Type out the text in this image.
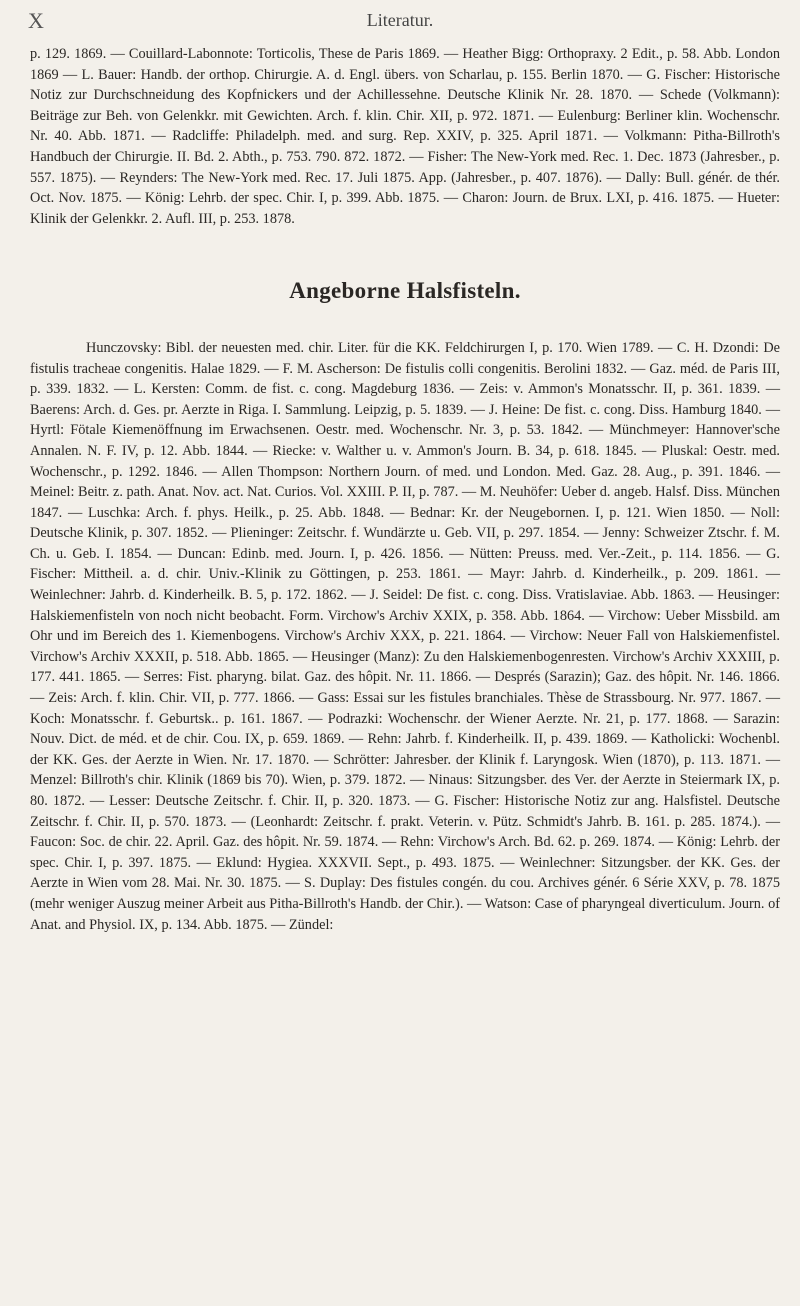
X	Literatur.

p. 129. 1869. — Couillard-Labonnote: Torticolis, These de Paris 1869. — Heather Bigg: Orthopraxy. 2 Edit., p. 58. Abb. London 1869 — L. Bauer: Handb. der orthop. Chirurgie. A. d. Engl. übers. von Scharlau, p. 155. Berlin 1870. — G. Fischer: Historische Notiz zur Durchschneidung des Kopfnickers und der Achillessehne. Deutsche Klinik Nr. 28. 1870. — Schede (Volkmann): Beiträge zur Beh. von Gelenkkr. mit Gewichten. Arch. f. klin. Chir. XII, p. 972. 1871. — Eulenburg: Berliner klin. Wochenschr. Nr. 40. Abb. 1871. — Radcliffe: Philadelph. med. and surg. Rep. XXIV, p. 325. April 1871. — Volkmann: Pitha-Billroth's Handbuch der Chirurgie. II. Bd. 2. Abth., p. 753. 790. 872. 1872. — Fisher: The New-York med. Rec. 1. Dec. 1873 (Jahresber., p. 557. 1875). — Reynders: The New-York med. Rec. 17. Juli 1875. App. (Jahresber., p. 407. 1876). — Dally: Bull. génér. de thér. Oct. Nov. 1875. — König: Lehrb. der spec. Chir. I, p. 399. Abb. 1875. — Charon: Journ. de Brux. LXI, p. 416. 1875. — Hueter: Klinik der Gelenkkr. 2. Aufl. III, p. 253. 1878.

Angeborne Halsfisteln.

Hunczovsky: Bibl. der neuesten med. chir. Liter. für die KK. Feldchirurgen I, p. 170. Wien 1789. — C. H. Dzondi: De fistulis tracheae congenitis. Halae 1829. — F. M. Ascherson: De fistulis colli congenitis. Berolini 1832. — Gaz. méd. de Paris III, p. 339. 1832. — L. Kersten: Comm. de fist. c. cong. Magdeburg 1836. — Zeis: v. Ammon's Monatsschr. II, p. 361. 1839. — Baerens: Arch. d. Ges. pr. Aerzte in Riga. I. Sammlung. Leipzig, p. 5. 1839. — J. Heine: De fist. c. cong. Diss. Hamburg 1840. — Hyrtl: Fötale Kiemenöffnung im Erwachsenen. Oestr. med. Wochenschr. Nr. 3, p. 53. 1842. — Münchmeyer: Hannover'sche Annalen. N. F. IV, p. 12. Abb. 1844. — Riecke: v. Walther u. v. Ammon's Journ. B. 34, p. 618. 1845. — Pluskal: Oestr. med. Wochenschr., p. 1292. 1846. — Allen Thompson: Northern Journ. of med. und London. Med. Gaz. 28. Aug., p. 391. 1846. — Meinel: Beitr. z. path. Anat. Nov. act. Nat. Curios. Vol. XXIII. P. II, p. 787. — M. Neuhöfer: Ueber d. angeb. Halsf. Diss. München 1847. — Luschka: Arch. f. phys. Heilk., p. 25. Abb. 1848. — Bednar: Kr. der Neugebornen. I, p. 121. Wien 1850. — Noll: Deutsche Klinik, p. 307. 1852. — Plieninger: Zeitschr. f. Wundärzte u. Geb. VII, p. 297. 1854. — Jenny: Schweizer Ztschr. f. M. Ch. u. Geb. I. 1854. — Duncan: Edinb. med. Journ. I, p. 426. 1856. — Nütten: Preuss. med. Ver.-Zeit., p. 114. 1856. — G. Fischer: Mittheil. a. d. chir. Univ.-Klinik zu Göttingen, p. 253. 1861. — Mayr: Jahrb. d. Kinderheilk., p. 209. 1861. — Weinlechner: Jahrb. d. Kinderheilk. B. 5, p. 172. 1862. — J. Seidel: De fist. c. cong. Diss. Vratislaviae. Abb. 1863. — Heusinger: Halskiemenfisteln von noch nicht beobacht. Form. Virchow's Archiv XXIX, p. 358. Abb. 1864. — Virchow: Ueber Missbild. am Ohr und im Bereich des 1. Kiemenbogens. Virchow's Archiv XXX, p. 221. 1864. — Virchow: Neuer Fall von Halskiemenfistel. Virchow's Archiv XXXII, p. 518. Abb. 1865. — Heusinger (Manz): Zu den Halskiemenbogenresten. Virchow's Archiv XXXIII, p. 177. 441. 1865. — Serres: Fist. pharyng. bilat. Gaz. des hôpit. Nr. 11. 1866. — Després (Sarazin); Gaz. des hôpit. Nr. 146. 1866. — Zeis: Arch. f. klin. Chir. VII, p. 777. 1866. — Gass: Essai sur les fistules branchiales. Thèse de Strassbourg. Nr. 977. 1867. — Koch: Monatsschr. f. Geburtsk.. p. 161. 1867. — Podrazki: Wochenschr. der Wiener Aerzte. Nr. 21, p. 177. 1868. — Sarazin: Nouv. Dict. de méd. et de chir. Cou. IX, p. 659. 1869. — Rehn: Jahrb. f. Kinderheilk. II, p. 439. 1869. — Katholicki: Wochenbl. der KK. Ges. der Aerzte in Wien. Nr. 17. 1870. — Schrötter: Jahresber. der Klinik f. Laryngosk. Wien (1870), p. 113. 1871. — Menzel: Billroth's chir. Klinik (1869 bis 70). Wien, p. 379. 1872. — Ninaus: Sitzungsber. des Ver. der Aerzte in Steiermark IX, p. 80. 1872. — Lesser: Deutsche Zeitschr. f. Chir. II, p. 320. 1873. — G. Fischer: Historische Notiz zur ang. Halsfistel. Deutsche Zeitschr. f. Chir. II, p. 570. 1873. — (Leonhardt: Zeitschr. f. prakt. Veterin. v. Pütz. Schmidt's Jahrb. B. 161. p. 285. 1874.). — Faucon: Soc. de chir. 22. April. Gaz. des hôpit. Nr. 59. 1874. — Rehn: Virchow's Arch. Bd. 62. p. 269. 1874. — König: Lehrb. der spec. Chir. I, p. 397. 1875. — Eklund: Hygiea. XXXVII. Sept., p. 493. 1875. — Weinlechner: Sitzungsber. der KK. Ges. der Aerzte in Wien vom 28. Mai. Nr. 30. 1875. — S. Duplay: Des fistules congén. du cou. Archives génér. 6 Série XXV, p. 78. 1875 (mehr weniger Auszug meiner Arbeit aus Pitha-Billroth's Handb. der Chir.). — Watson: Case of pharyngeal diverticulum. Journ. of Anat. and Physiol. IX, p. 134. Abb. 1875. — Zündel:
